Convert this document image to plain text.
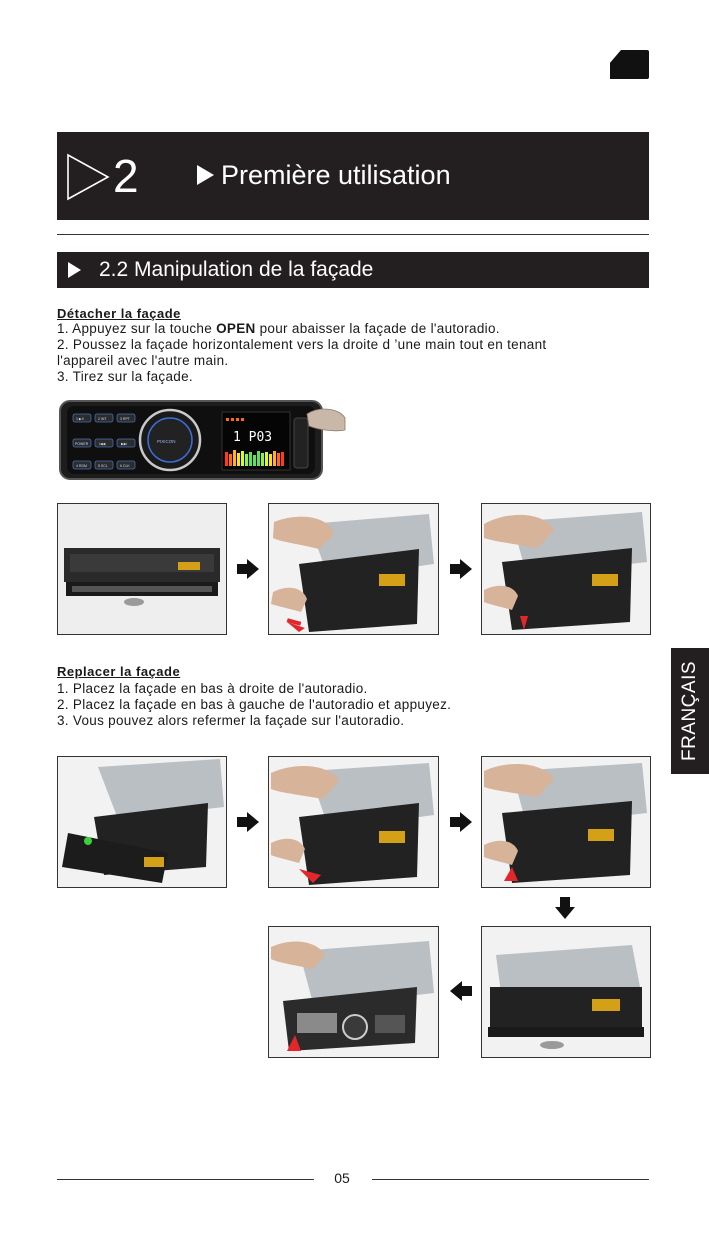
2	Première utilisation
2.2 Manipulation de la façade
Détacher la façade

1. Appuyez sur la touche OPEN pour abaisser la façade de l'autoradio.

2. Poussez la façade horizontalement vers la droite d ’une main tout en tenant l'appareil avec l'autre main.

3. Tirez sur la façade.

1 ▶II	2 INT	3 RPT
POWER	I◀◀	▶▶I
4 RDM	5 SCL	6 CLK
PIXICON	1 P03
Replacer la façade

1. Placez la façade en bas à droite de l'autoradio.

2. Placez la façade en bas à gauche de l'autoradio et appuyez.

3. Vous pouvez alors refermer la façade sur l'autoradio.	FRANÇAIS
05
